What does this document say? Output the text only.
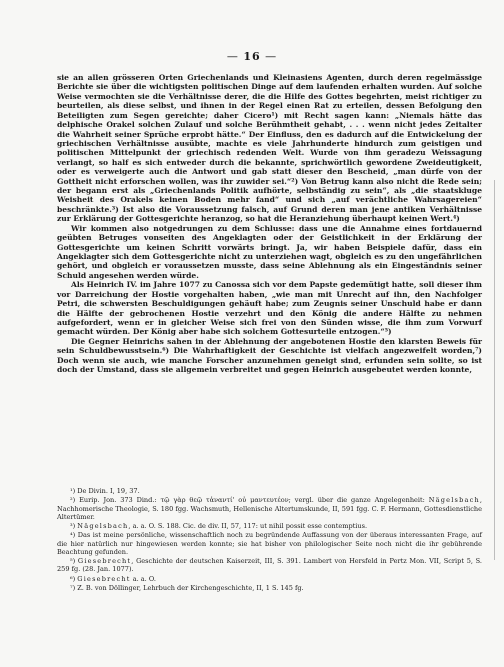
— 16 —

sie an allen grösseren Orten Griechenlands und Kleinasiens Agenten, durch deren regelmässige Berichte sie über die wichtigsten politischen Dinge auf dem laufenden erhalten wurden. Auf solche Weise vermochten sie die Verhältnisse derer, die die Hilfe des Gottes begehrten, meist richtiger zu beurteilen, als diese selbst, und ihnen in der Regel einen Rat zu erteilen, dessen Befolgung den Beteiligten zum Segen gereichte; daher Cicero¹) mit Recht sagen kann: „Niemals hätte das delphische Orakel solchen Zulauf und solche Berühmtheit gehabt, . . . wenn nicht jedes Zeitalter die Wahrheit seiner Sprüche erprobt hätte.“ Der Einfluss, den es dadurch auf die Entwickelung der griechischen Verhältnisse ausübte, machte es viele Jahrhunderte hindurch zum geistigen und politischen Mittelpunkt der griechisch redenden Welt. Wurde von ihm geradezu Weissagung verlangt, so half es sich entweder durch die bekannte, sprichwörtlich gewordene Zweideutigkeit, oder es verweigerte auch die Antwort und gab statt dieser den Bescheid, „man dürfe von der Gottheit nicht erforschen wollen, was ihr zuwider sei.“²) Von Betrug kann also nicht die Rede sein; der begann erst als „Griechenlands Politik aufhörte, selbständig zu sein“, als „die staatskluge Weisheit des Orakels keinen Boden mehr fand“ und sich „auf verächtliche Wahrsagereien“ beschränkte.³) Ist also die Voraussetzung falsch, auf Grund deren man jene antiken Verhältnisse zur Erklärung der Gottesgerichte heranzog, so hat die Heranziehung überhaupt keinen Wert.⁴)

Wir kommen also notgedrungen zu dem Schlusse: dass une die Annahme eines fortdauernd geübten Betruges vonseiten des Angeklagten oder der Geistlichkeit in der Erklärung der Gottesgerichte um keinen Schritt vorwärts bringt. Ja, wir haben Beispiele dafür, dass ein Angeklagter sich dem Gottesgerichte nicht zu unterziehen wagt, obgleich es zu den ungefährlichen gehört, und obgleich er voraussetzen musste, dass seine Ablehnung als ein Eingeständnis seiner Schuld angesehen werden würde.

Als Heinrich IV. im Jahre 1077 zu Canossa sich vor dem Papste gedemütigt hatte, soll dieser ihm vor Darreichung der Hostie vorgehalten haben, „wie man mit Unrecht auf ihn, den Nachfolger Petri, die schwersten Beschuldigungen gehäuft habe; zum Zeugnis seiner Unschuld habe er dann die Hälfte der gebrochenen Hostie verzehrt und den König die andere Hälfte zu nehmen aufgefordert, wenn er in gleicher Weise sich frei von den Sünden wisse, die ihm zum Vorwurf gemacht würden. Der König aber habe sich solchem Gottesurteile entzogen.“⁵)

Die Gegner Heinrichs sahen in der Ablehnung der angebotenen Hostie den klarsten Beweis für sein Schuldbewusstsein.⁶) Die Wahrhaftigkeit der Geschichte ist vielfach angezweifelt worden,⁷) Doch wenn sie auch, wie manche Forscher anzunehmen geneigt sind, erfunden sein sollte, so ist doch der Umstand, dass sie allgemein verbreitet und gegen Heinrich ausgebeutet werden konnte,

¹) De Divin. I, 19, 37.

²) Eurip. Jon. 373 Dind.: τῷ γὰρ θεῷ τἀναντί' οὐ μαντευτέον; vergl. über die ganze Angelegenheit: Nägelsbach, Nachhomerische Theologie, S. 180 fgg. Wachsmuth, Hellenische Altertumskunde, II, 591 fgg. C. F. Hermann, Gottesdienstliche Altertümer.

³) Nägelsbach, a. a. O. S. 188. Cic. de div. II, 57, 117: ut nihil possit esse contemptius.

⁴) Das ist meine persönliche, wissenschaftlich noch zu begründende Auffassung von der überaus interessanten Frage, auf die hier natürlich nur hingewiesen werden konnte; sie hat bisher von philologischer Seite noch nicht die ihr gebührende Beachtung gefunden.

⁵) Giesebrecht, Geschichte der deutschen Kaiserzeit, III, S. 391. Lambert von Hersfeld in Pertz Mon. VII, Script 5, S. 259 fg. (28. Jan. 1077).

⁶) Giesebrecht a. a. O.

⁷) Z. B. von Döllinger, Lehrbuch der Kirchengeschichte, II, 1 S. 145 fg.
